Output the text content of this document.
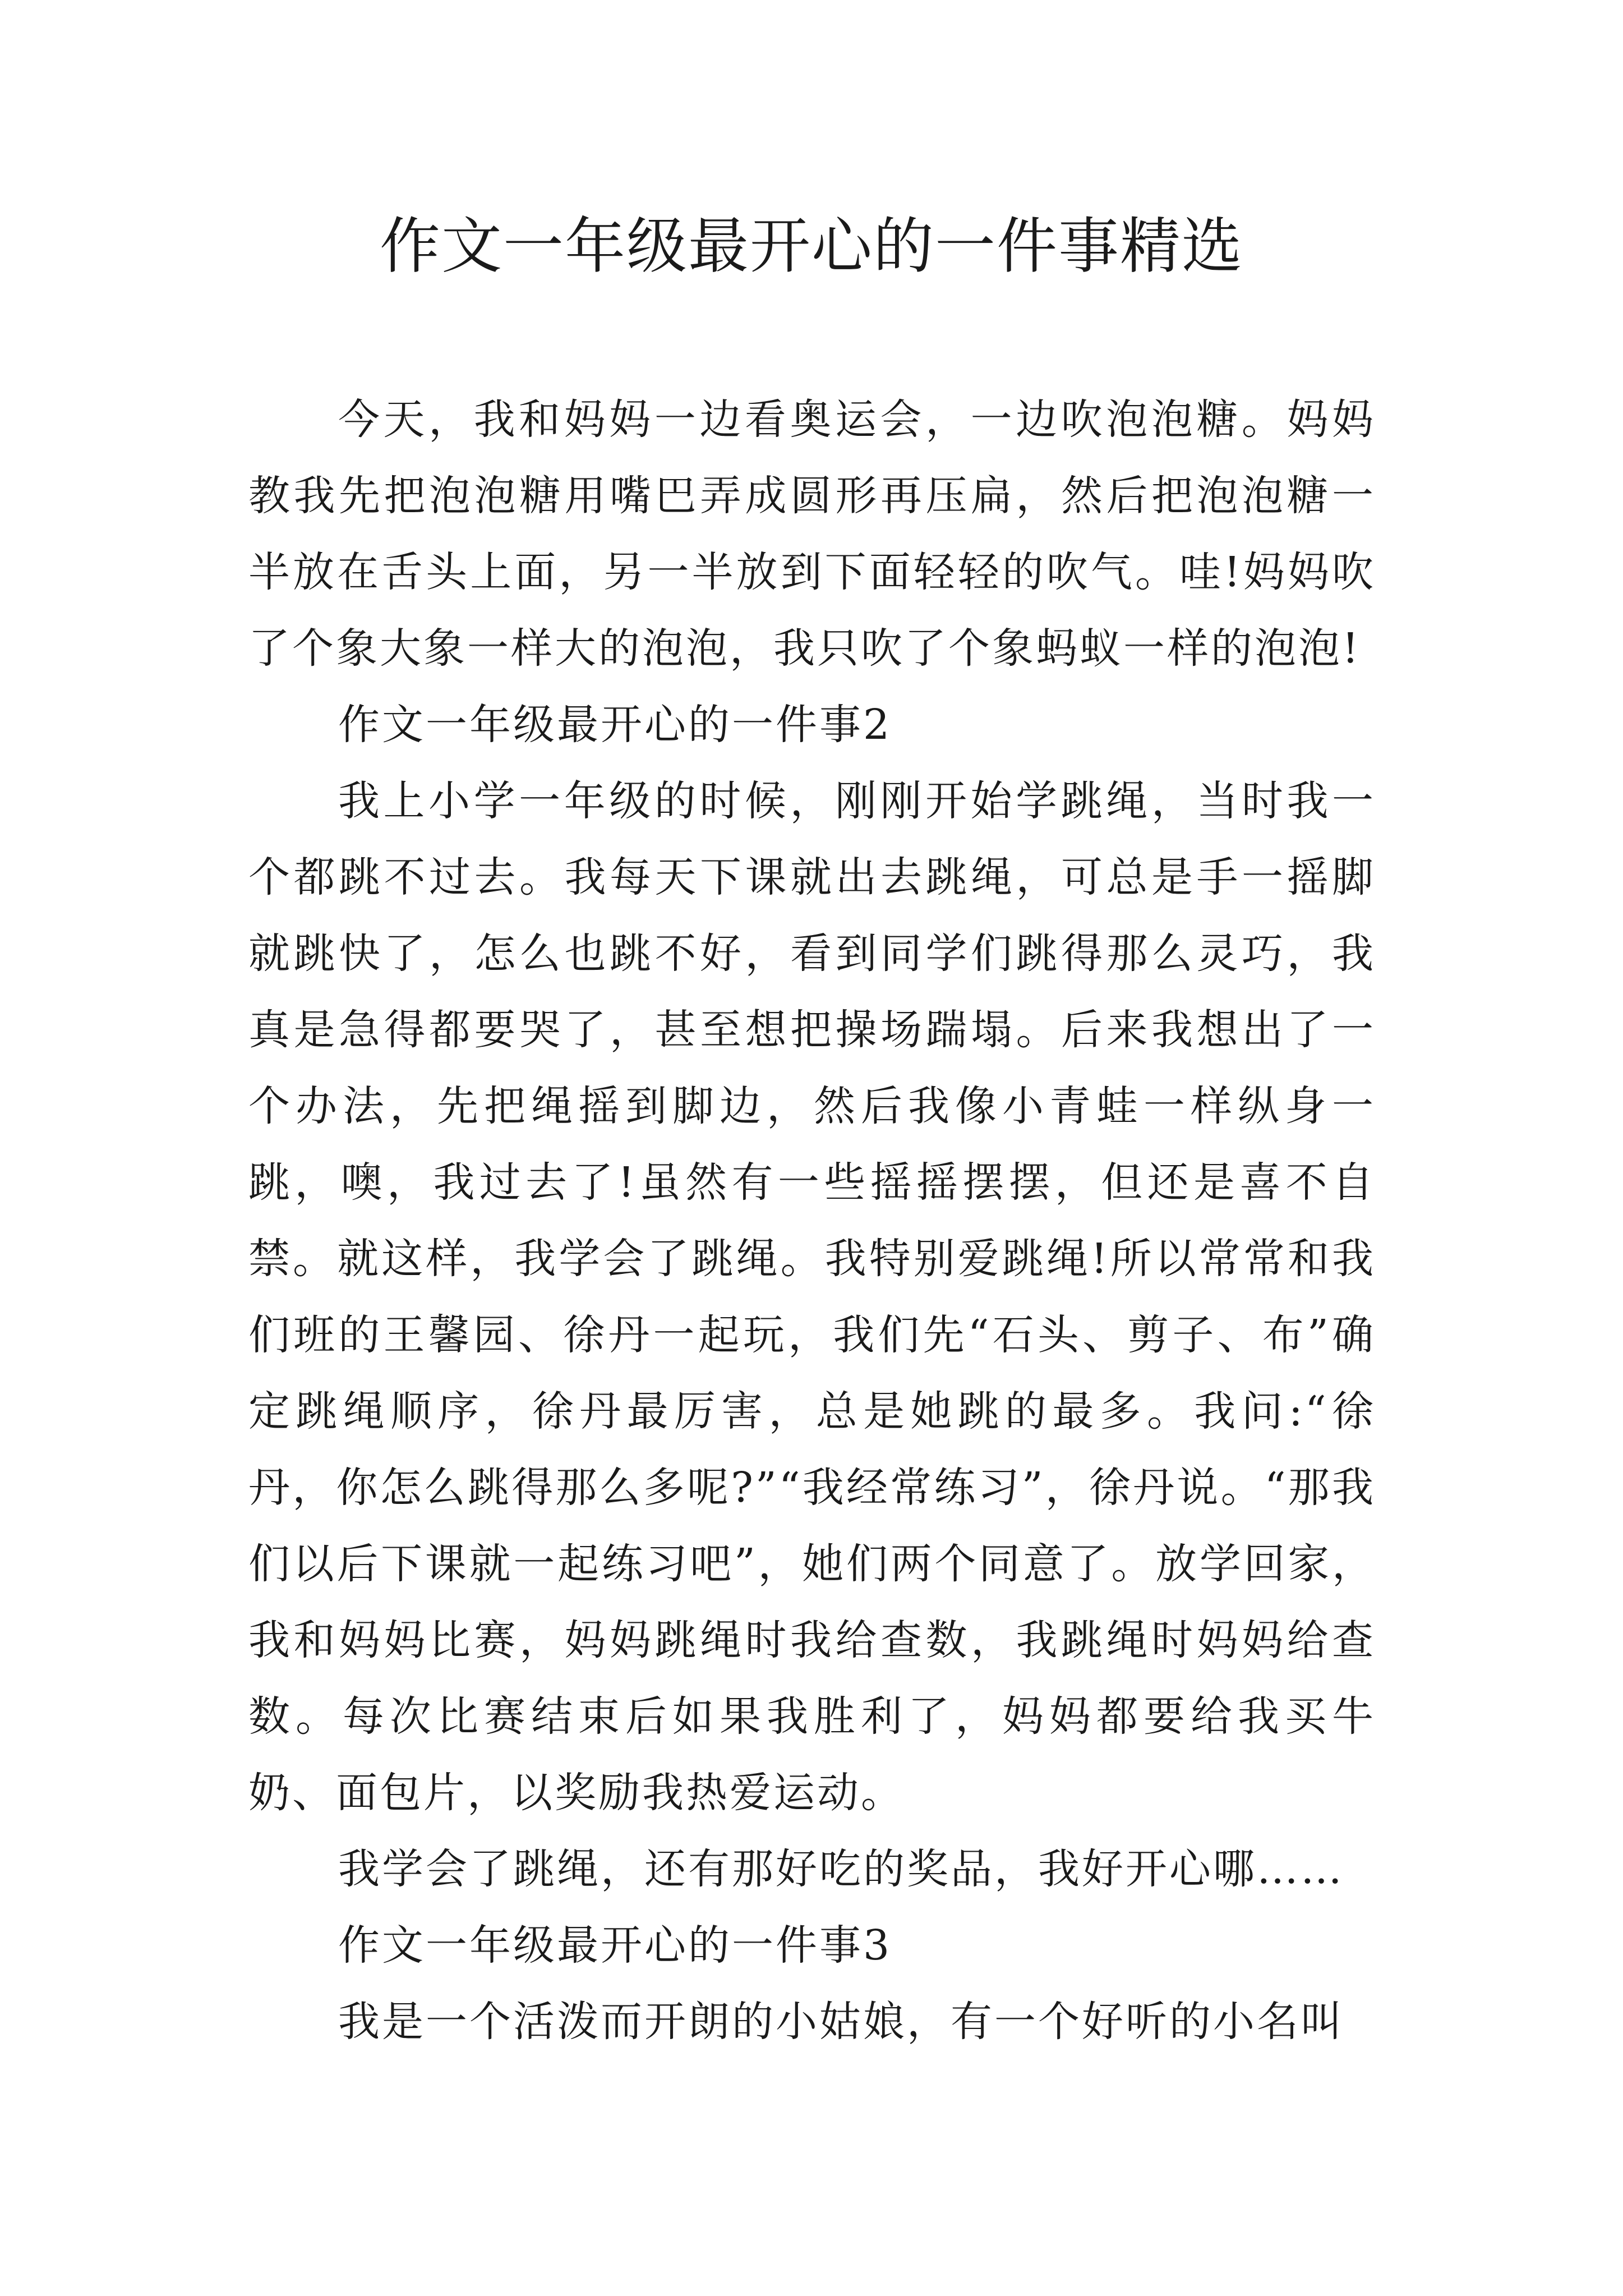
作文一年级最开心的一件事精选

今天，我和妈妈一边看奥运会，一边吹泡泡糖。妈妈教我先把泡泡糖用嘴巴弄成圆形再压扁，然后把泡泡糖一半放在舌头上面，另一半放到下面轻轻的吹气。哇!妈妈吹了个象大象一样大的泡泡，我只吹了个象蚂蚁一样的泡泡!

作文一年级最开心的一件事2

我上小学一年级的时候，刚刚开始学跳绳，当时我一个都跳不过去。我每天下课就出去跳绳，可总是手一摇脚就跳快了，怎么也跳不好，看到同学们跳得那么灵巧，我真是急得都要哭了，甚至想把操场踹塌。后来我想出了一个办法，先把绳摇到脚边，然后我像小青蛙一样纵身一跳，噢，我过去了!虽然有一些摇摇摆摆，但还是喜不自禁。就这样，我学会了跳绳。我特别爱跳绳!所以常常和我们班的王馨园、徐丹一起玩，我们先“石头、剪子、布”确定跳绳顺序，徐丹最厉害，总是她跳的最多。我问:“徐丹，你怎么跳得那么多呢?”“我经常练习”，徐丹说。“那我们以后下课就一起练习吧”，她们两个同意了。放学回家，我和妈妈比赛，妈妈跳绳时我给查数，我跳绳时妈妈给查数。每次比赛结束后如果我胜利了，妈妈都要给我买牛奶、面包片，以奖励我热爱运动。

我学会了跳绳，还有那好吃的奖品，我好开心哪……

作文一年级最开心的一件事3

我是一个活泼而开朗的小姑娘，有一个好听的小名叫
